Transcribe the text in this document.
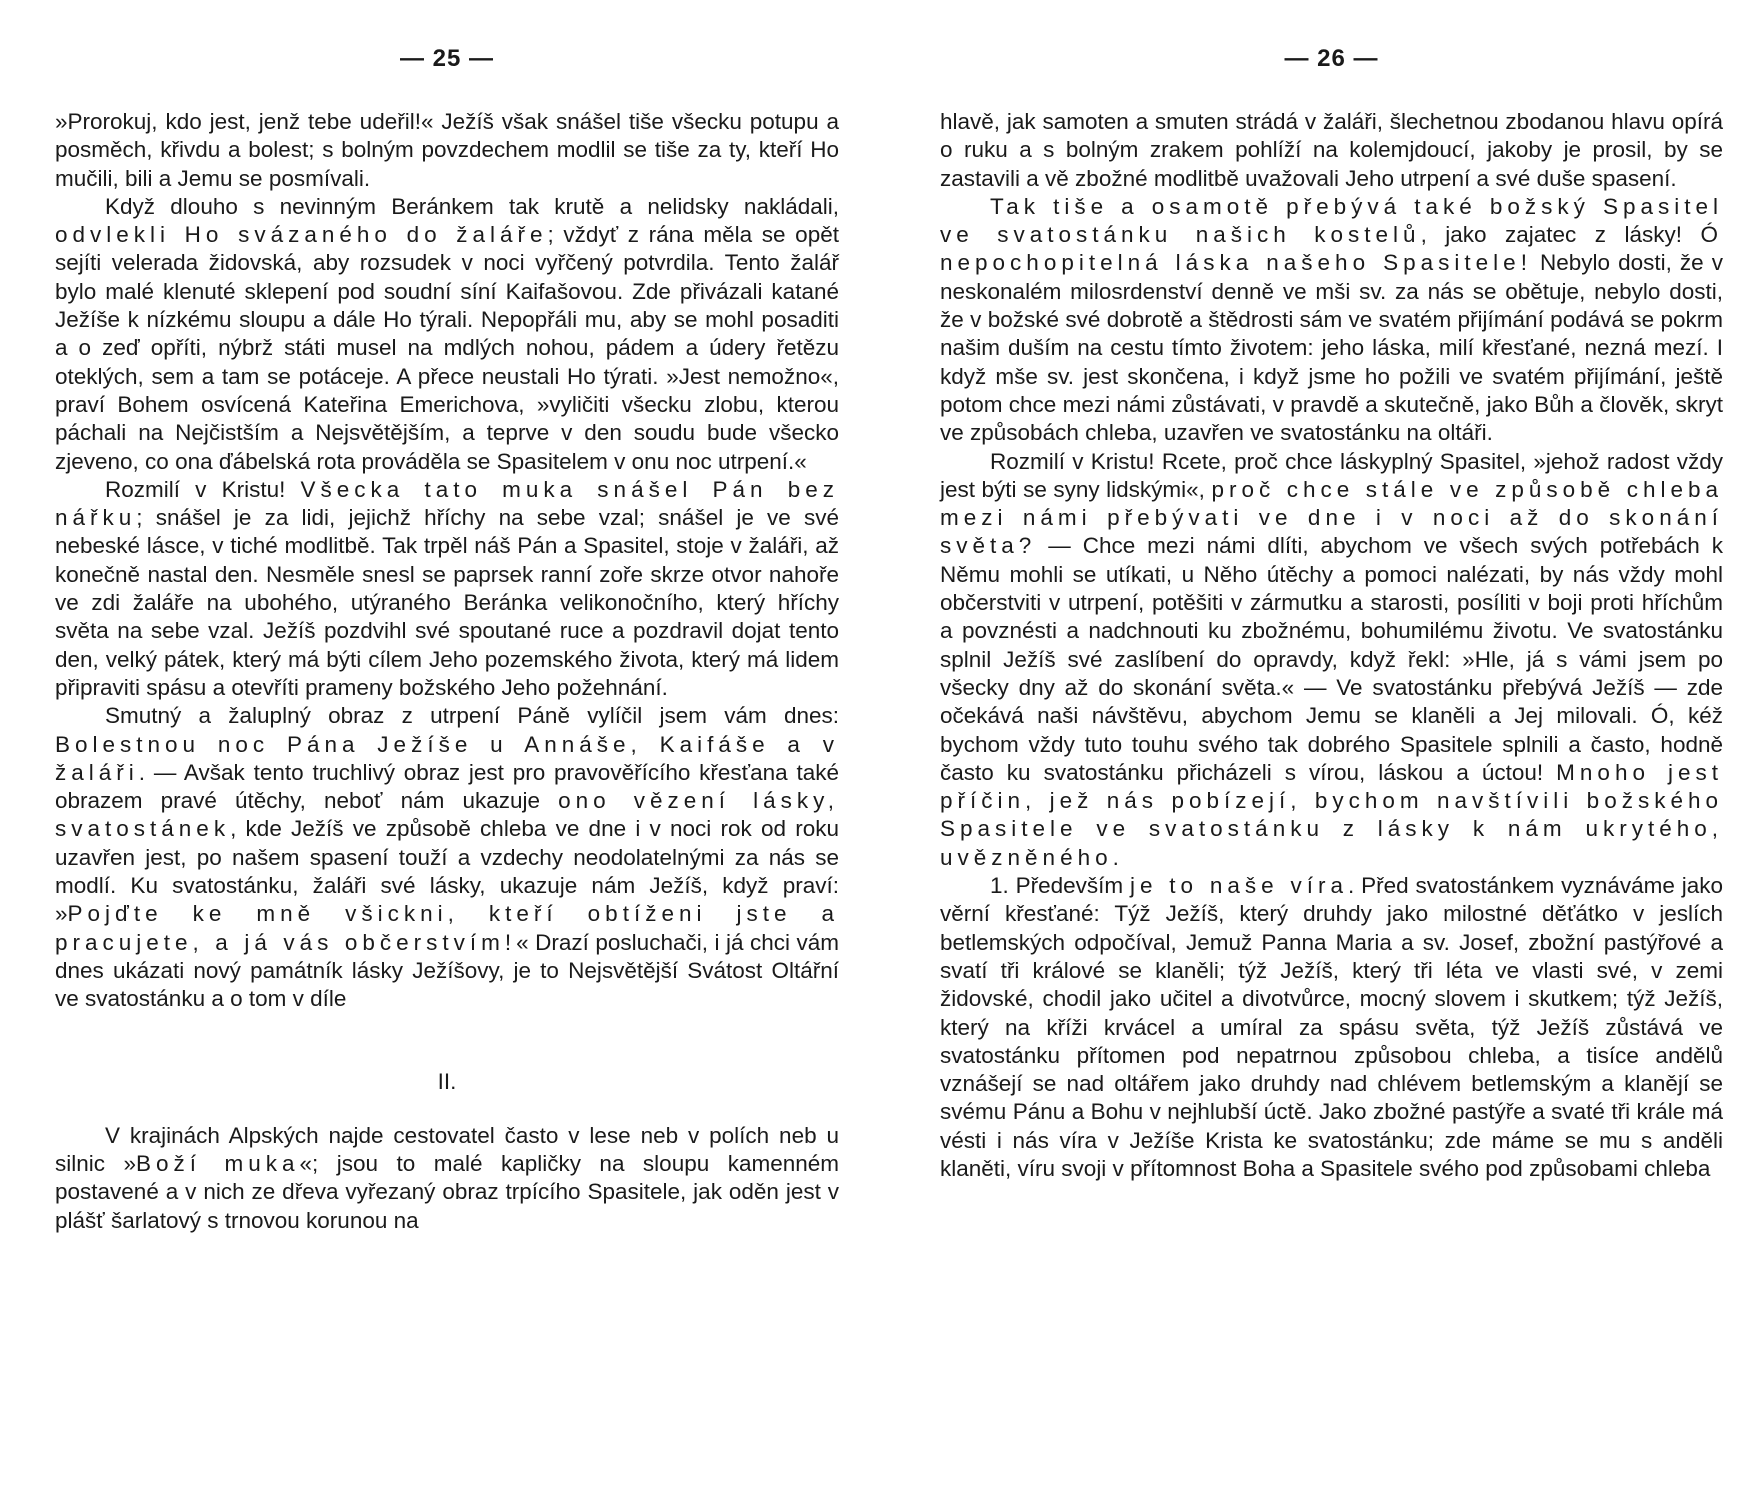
— 25 —

»Prorokuj, kdo jest, jenž tebe udeřil!« Ježíš však snášel tiše všecku potupu a posměch, křivdu a bolest; s bolným povzdechem modlil se tiše za ty, kteří Ho mučili, bili a Jemu se posmívali.

Když dlouho s nevinným Beránkem tak krutě a nelidsky nakládali, odvlekli Ho svázaného do žaláře; vždyť z rána měla se opět sejíti velerada židovská, aby rozsudek v noci vyřčený potvrdila. Tento žalář bylo malé klenuté sklepení pod soudní síní Kaifašovou. Zde přivázali katané Ježíše k nízkému sloupu a dále Ho týrali. Nepopřáli mu, aby se mohl posaditi a o zeď opříti, nýbrž státi musel na mdlých nohou, pádem a údery řetězu oteklých, sem a tam se potáceje. A přece neustali Ho týrati. »Jest nemožno«, praví Bohem osvícená Kateřina Emerichova, »vyličiti všecku zlobu, kterou páchali na Nejčistším a Nejsvětějším, a teprve v den soudu bude všecko zjeveno, co ona ďábelská rota prováděla se Spasitelem v onu noc utrpení.«

Rozmilí v Kristu! Všecka tato muka snášel Pán bez nářku; snášel je za lidi, jejichž hříchy na sebe vzal; snášel je ve své nebeské lásce, v tiché modlitbě. Tak trpěl náš Pán a Spasitel, stoje v žaláři, až konečně nastal den. Nesměle snesl se paprsek ranní zoře skrze otvor nahoře ve zdi žaláře na ubohého, utýraného Beránka velikonočního, který hříchy světa na sebe vzal. Ježíš pozdvihl své spoutané ruce a pozdravil dojat tento den, velký pátek, který má býti cílem Jeho pozemského života, který má lidem připraviti spásu a otevříti prameny božského Jeho požehnání.

Smutný a žaluplný obraz z utrpení Páně vylíčil jsem vám dnes: Bolestnou noc Pána Ježíše u Annáše, Kaifáše a v žaláři. — Avšak tento truchlivý obraz jest pro pravověřícího křesťana také obrazem pravé útěchy, neboť nám ukazuje ono vězení lásky, svatostánek, kde Ježíš ve způsobě chleba ve dne i v noci rok od roku uzavřen jest, po našem spasení touží a vzdechy neodolatelnými za nás se modlí. Ku svatostánku, žaláři své lásky, ukazuje nám Ježíš, když praví: »Pojďte ke mně všickni, kteří obtíženi jste a pracujete, a já vás občerstvím!« Drazí posluchači, i já chci vám dnes ukázati nový památník lásky Ježíšovy, je to Nejsvětější Svátost Oltářní ve svatostánku a o tom v díle

II.

V krajinách Alpských najde cestovatel často v lese neb v polích neb u silnic »Boží muka«; jsou to malé kapličky na sloupu kamenném postavené a v nich ze dřeva vyřezaný obraz trpícího Spasitele, jak oděn jest v plášť šarlatový s trnovou korunou na

— 26 —

hlavě, jak samoten a smuten strádá v žaláři, šlechetnou zbodanou hlavu opírá o ruku a s bolným zrakem pohlíží na kolemjdoucí, jakoby je prosil, by se zastavili a vě zbožné modlitbě uvažovali Jeho utrpení a své duše spasení.

Tak tiše a osamotě přebývá také božský Spasitel ve svatostánku našich kostelů, jako zajatec z lásky! Ó nepochopitelná láska našeho Spasitele! Nebylo dosti, že v neskonalém milosrdenství denně ve mši sv. za nás se obětuje, nebylo dosti, že v božské své dobrotě a štědrosti sám ve svatém přijímání podává se pokrm našim duším na cestu tímto životem: jeho láska, milí křesťané, nezná mezí. I když mše sv. jest skončena, i když jsme ho požili ve svatém přijímání, ještě potom chce mezi námi zůstávati, v pravdě a skutečně, jako Bůh a člověk, skryt ve způsobách chleba, uzavřen ve svatostánku na oltáři.

Rozmilí v Kristu! Rcete, proč chce láskyplný Spasitel, »jehož radost vždy jest býti se syny lidskými«, proč chce stále ve způsobě chleba mezi námi přebývati ve dne i v noci až do skonání světa? — Chce mezi námi dlíti, abychom ve všech svých potřebách k Němu mohli se utíkati, u Něho útěchy a pomoci nalézati, by nás vždy mohl občerstviti v utrpení, potěšiti v zármutku a starosti, posíliti v boji proti hříchům a povznésti a nadchnouti ku zbožnému, bohumilému životu. Ve svatostánku splnil Ježíš své zaslíbení do opravdy, když řekl: »Hle, já s vámi jsem po všecky dny až do skonání světa.« — Ve svatostánku přebývá Ježíš — zde očekává naši návštěvu, abychom Jemu se klaněli a Jej milovali. Ó, kéž bychom vždy tuto touhu svého tak dobrého Spasitele splnili a často, hodně často ku svatostánku přicházeli s vírou, láskou a úctou! Mnoho jest příčin, jež nás pobízejí, bychom navštívili božského Spasitele ve svatostánku z lásky k nám ukrytého, uvězněného.

1. Především je to naše víra. Před svatostánkem vyznáváme jako věrní křesťané: Týž Ježíš, který druhdy jako milostné děťátko v jeslích betlemských odpočíval, Jemuž Panna Maria a sv. Josef, zbožní pastýřové a svatí tři králové se klaněli; týž Ježíš, který tři léta ve vlasti své, v zemi židovské, chodil jako učitel a divotvůrce, mocný slovem i skutkem; týž Ježíš, který na kříži krvácel a umíral za spásu světa, týž Ježíš zůstává ve svatostánku přítomen pod nepatrnou způsobou chleba, a tisíce andělů vznášejí se nad oltářem jako druhdy nad chlévem betlemským a klanějí se svému Pánu a Bohu v nejhlubší úctě. Jako zbožné pastýře a svaté tři krále má vésti i nás víra v Ježíše Krista ke svatostánku; zde máme se mu s anděli klaněti, víru svoji v přítomnost Boha a Spasitele svého pod způsobami chleba
